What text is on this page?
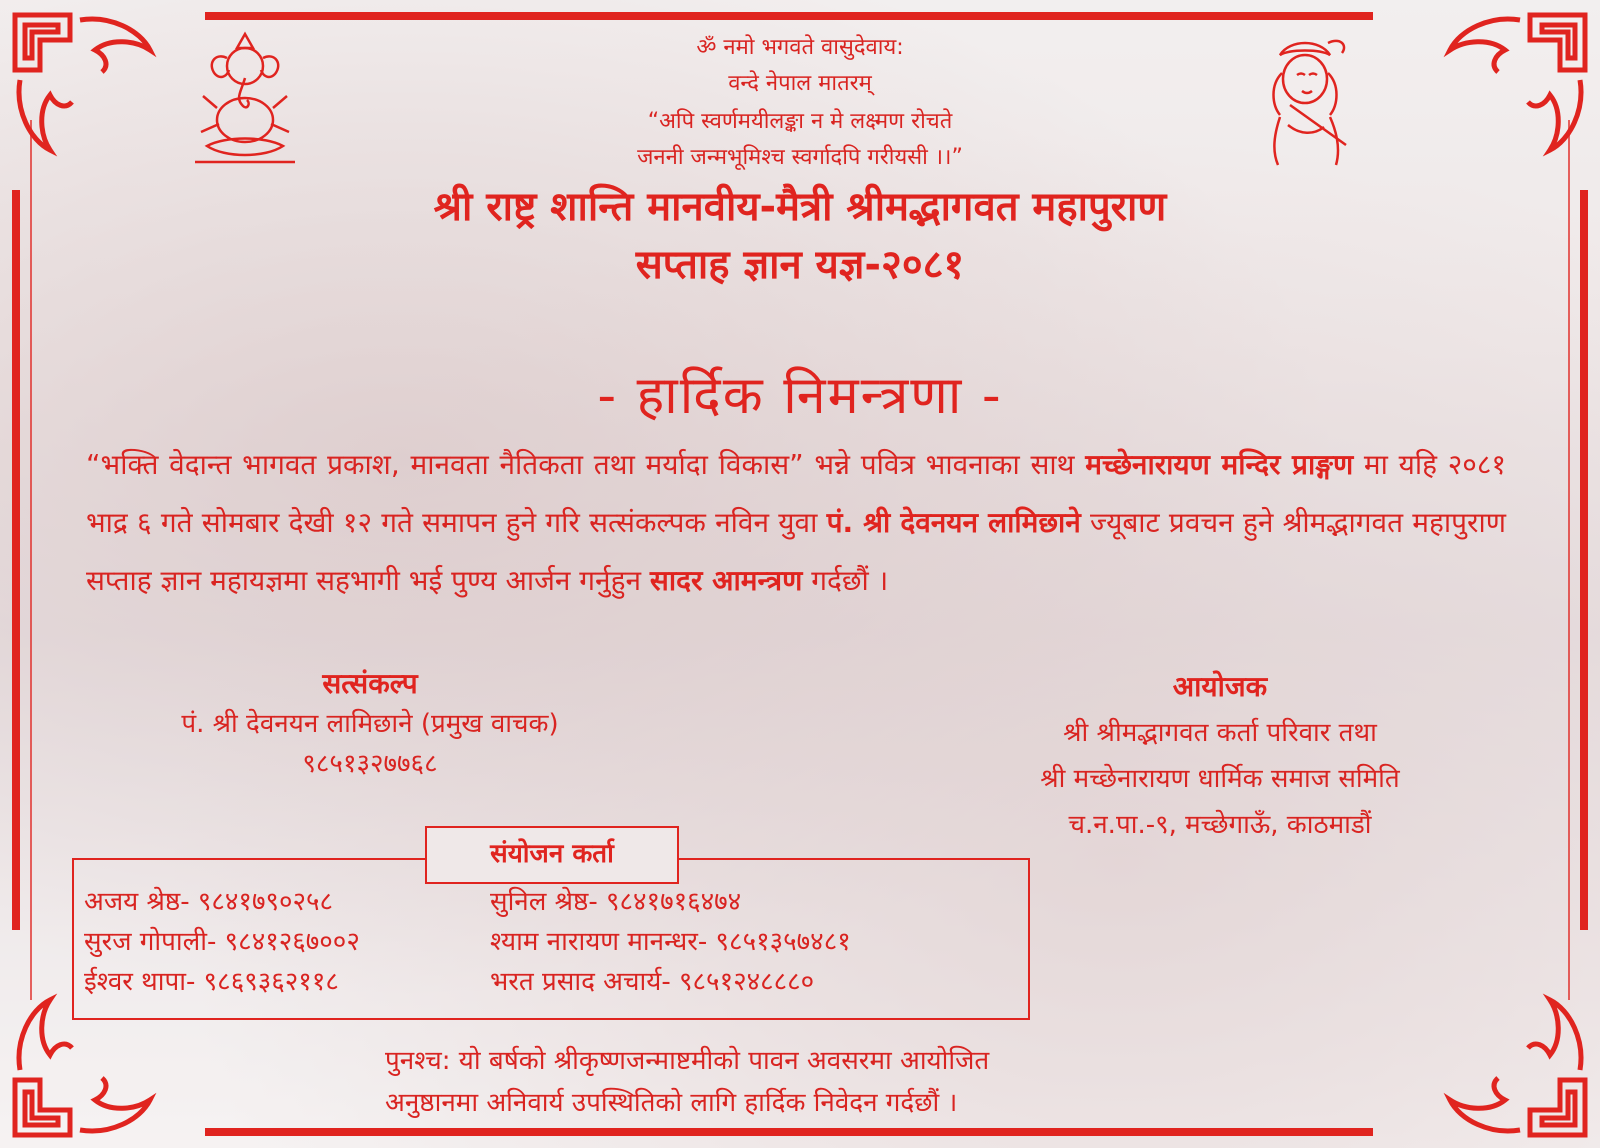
ॐ नमो भगवते वासुदेवाय:

वन्दे नेपाल मातरम्

“अपि स्वर्णमयीलङ्का न मे लक्ष्मण रोचते

जननी जन्मभूमिश्च स्वर्गादपि गरीयसी ।।”

श्री राष्ट्र शान्ति मानवीय-मैत्री श्रीमद्भागवत महापुराण
सप्ताह ज्ञान यज्ञ-२०८१
- हार्दिक निमन्त्रणा -
“भक्ति वेदान्त भागवत प्रकाश, मानवता नैतिकता तथा मर्यादा विकास” भन्ने पवित्र भावनाका साथ मच्छेनारायण मन्दिर प्राङ्गण मा यहि २०८१ भाद्र ६ गते सोमबार देखी १२ गते समापन हुने गरि सत्संकल्पक नविन युवा पं. श्री देवनयन लामिछाने ज्यूबाट प्रवचन हुने श्रीमद्भागवत महापुराण सप्ताह ज्ञान महायज्ञमा सहभागी भई पुण्य आर्जन गर्नुहुन सादर आमन्त्रण गर्दछौं ।
सत्संकल्प
पं. श्री देवनयन लामिछाने (प्रमुख वाचक)
९८५१३२७७६८
आयोजक
श्री श्रीमद्भागवत कर्ता परिवार तथा
श्री मच्छेनारायण धार्मिक समाज समिति
च.न.पा.-९, मच्छेगाऊँ, काठमाडौं
संयोजन कर्ता
अजय श्रेष्ठ- ९८४१७९०२५८
सुरज गोपाली- ९८४१२६७००२
ईश्वर थापा- ९८६९३६२११८
सुनिल श्रेष्ठ- ९८४१७१६४७४
श्याम नारायण मानन्धर- ९८५१३५७४८१
भरत प्रसाद अचार्य- ९८५१२४८८८०
पुनश्च: यो बर्षको श्रीकृष्णजन्माष्टमीको पावन अवसरमा आयोजित
अनुष्ठानमा अनिवार्य उपस्थितिको लागि हार्दिक निवेदन गर्दछौं ।
